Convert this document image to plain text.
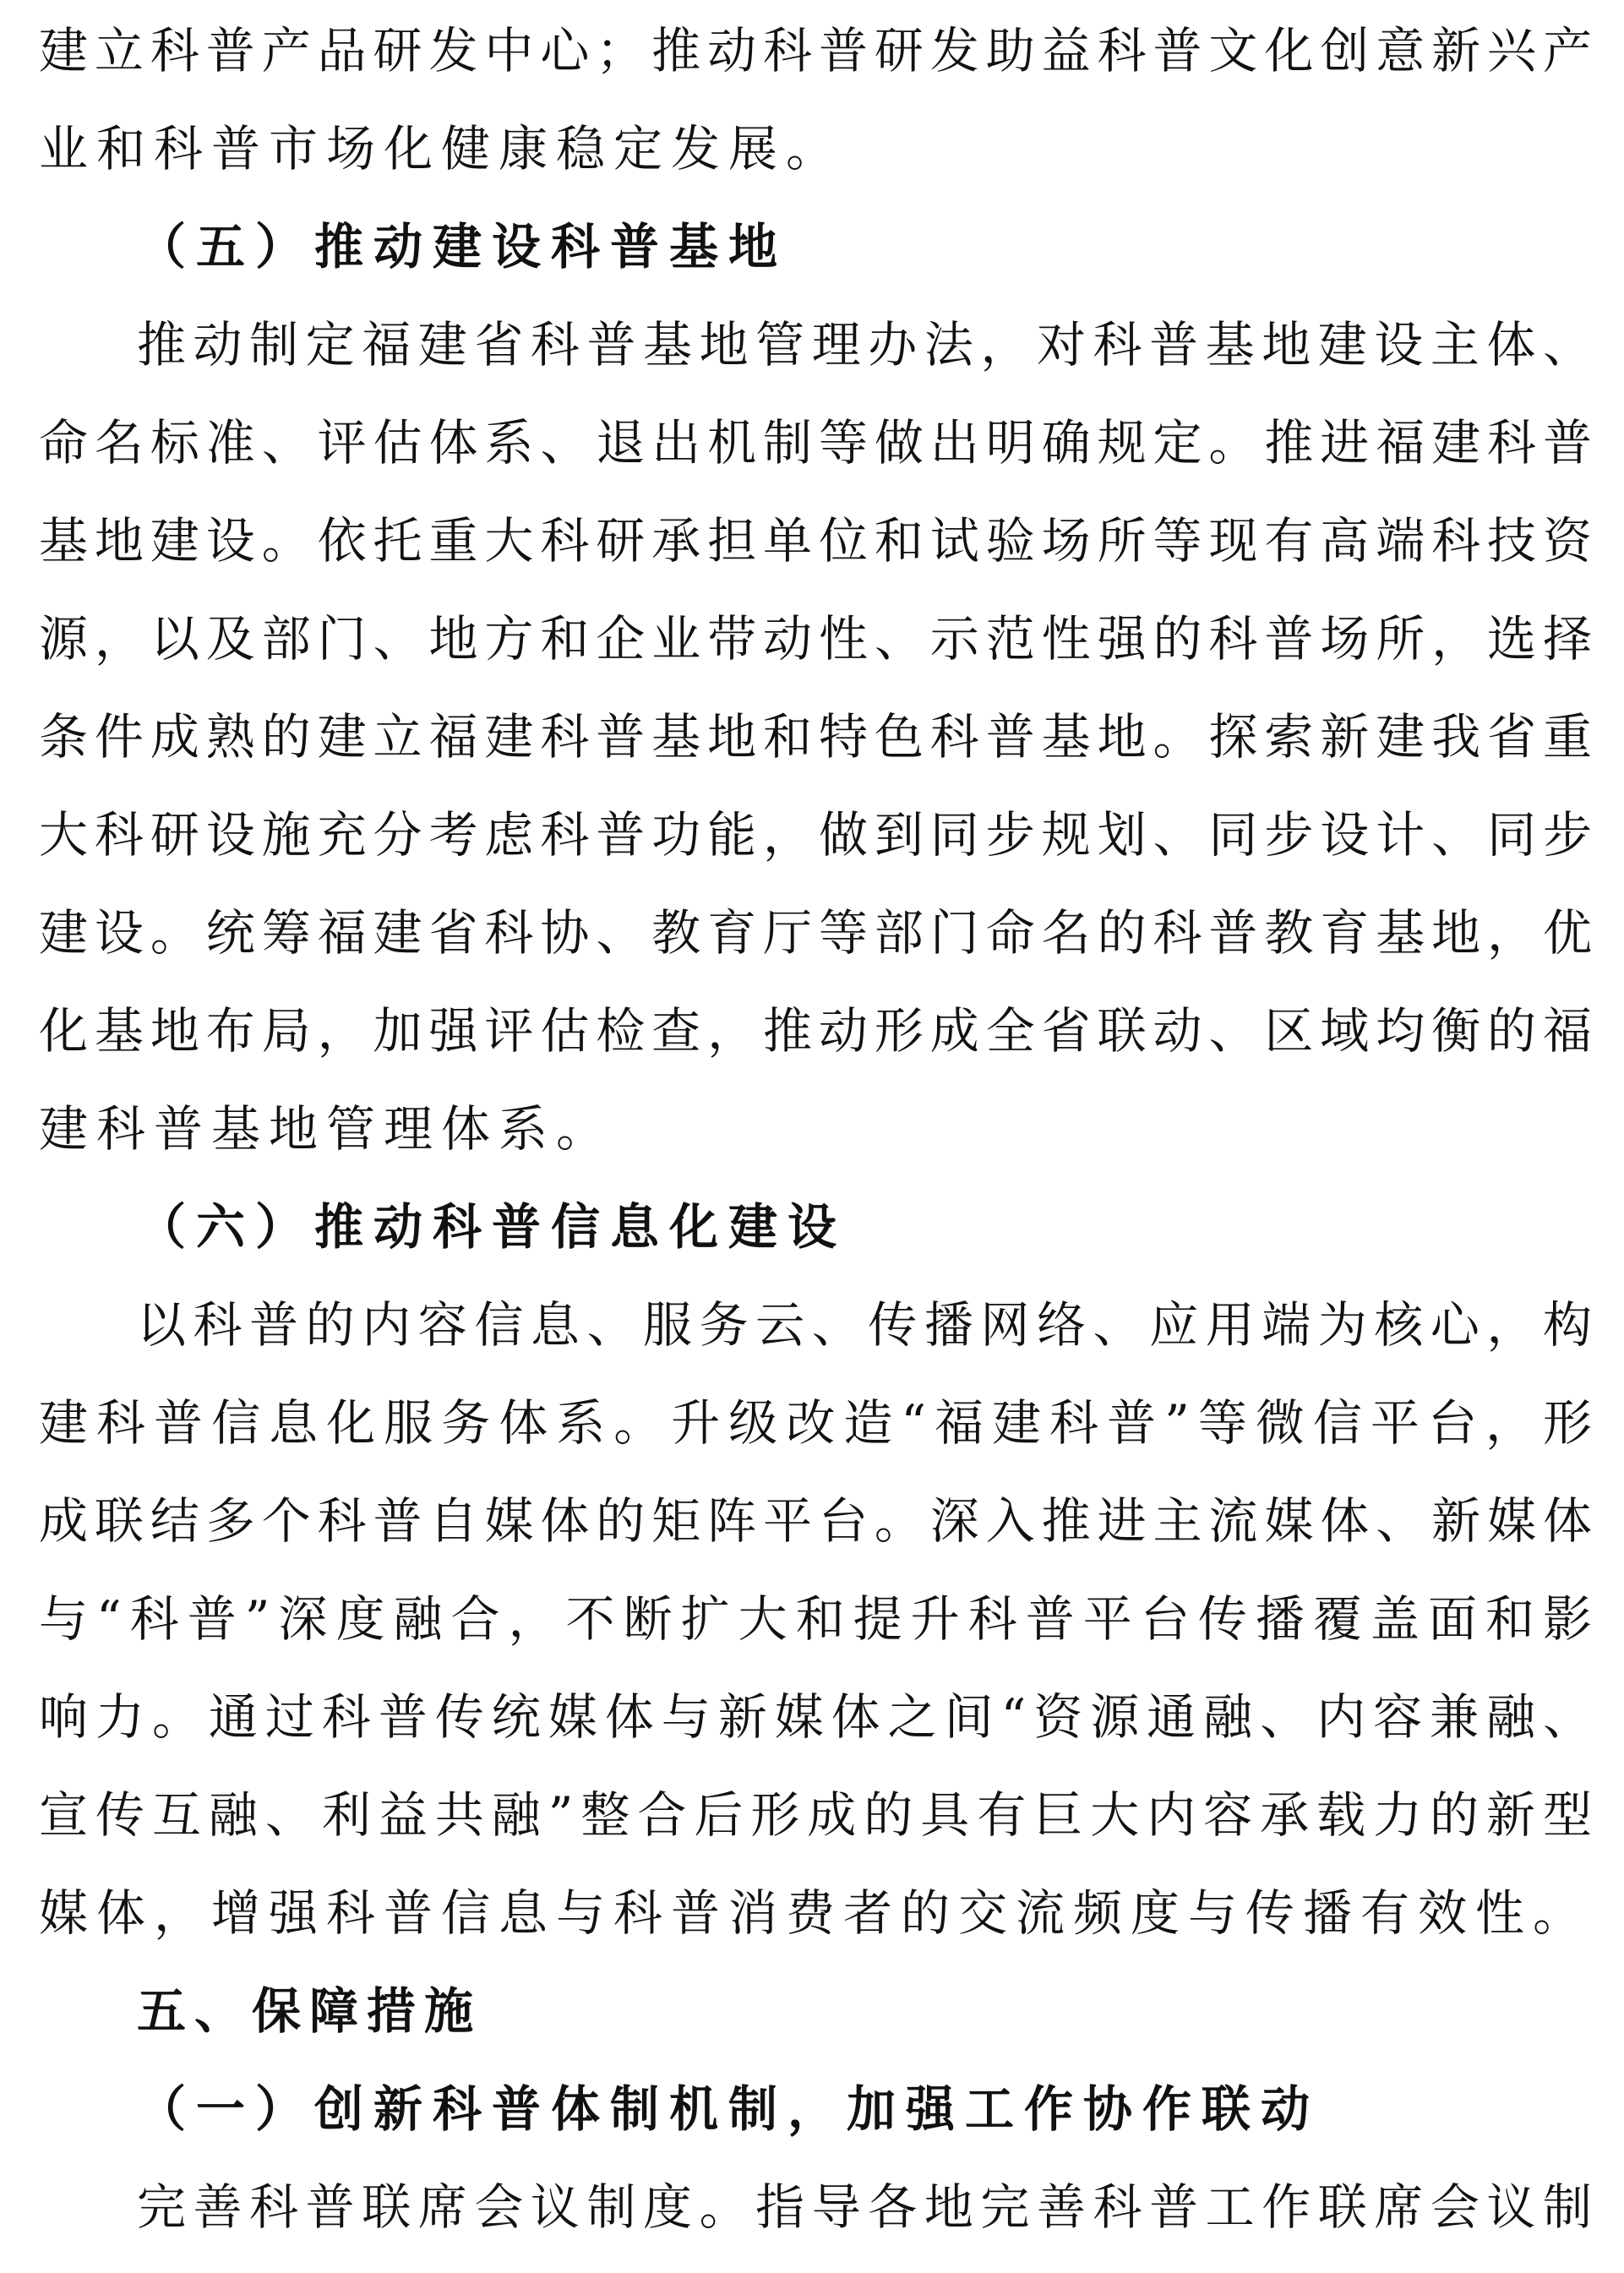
建立科普产品研发中心；推动科普研发助益科普文化创意新兴产
业和科普市场化健康稳定发展。
（五）推动建设科普基地
推动制定福建省科普基地管理办法，对科普基地建设主体、
命名标准、评估体系、退出机制等做出明确规定。推进福建科普
基地建设。依托重大科研承担单位和试验场所等现有高端科技资
源，以及部门、地方和企业带动性、示范性强的科普场所，选择
条件成熟的建立福建科普基地和特色科普基地。探索新建我省重
大科研设施充分考虑科普功能，做到同步规划、同步设计、同步
建设。统筹福建省科协、教育厅等部门命名的科普教育基地，优
化基地布局，加强评估检查，推动形成全省联动、区域均衡的福
建科普基地管理体系。
（六）推动科普信息化建设
以科普的内容信息、服务云、传播网络、应用端为核心，构
建科普信息化服务体系。升级改造“福建科普”等微信平台，形
成联结多个科普自媒体的矩阵平台。深入推进主流媒体、新媒体
与“科普”深度融合，不断扩大和提升科普平台传播覆盖面和影
响力。通过科普传统媒体与新媒体之间“资源通融、内容兼融、
宣传互融、利益共融”整合后形成的具有巨大内容承载力的新型
媒体，增强科普信息与科普消费者的交流频度与传播有效性。
五、保障措施
（一）创新科普体制机制，加强工作协作联动
完善科普联席会议制度。指导各地完善科普工作联席会议制
